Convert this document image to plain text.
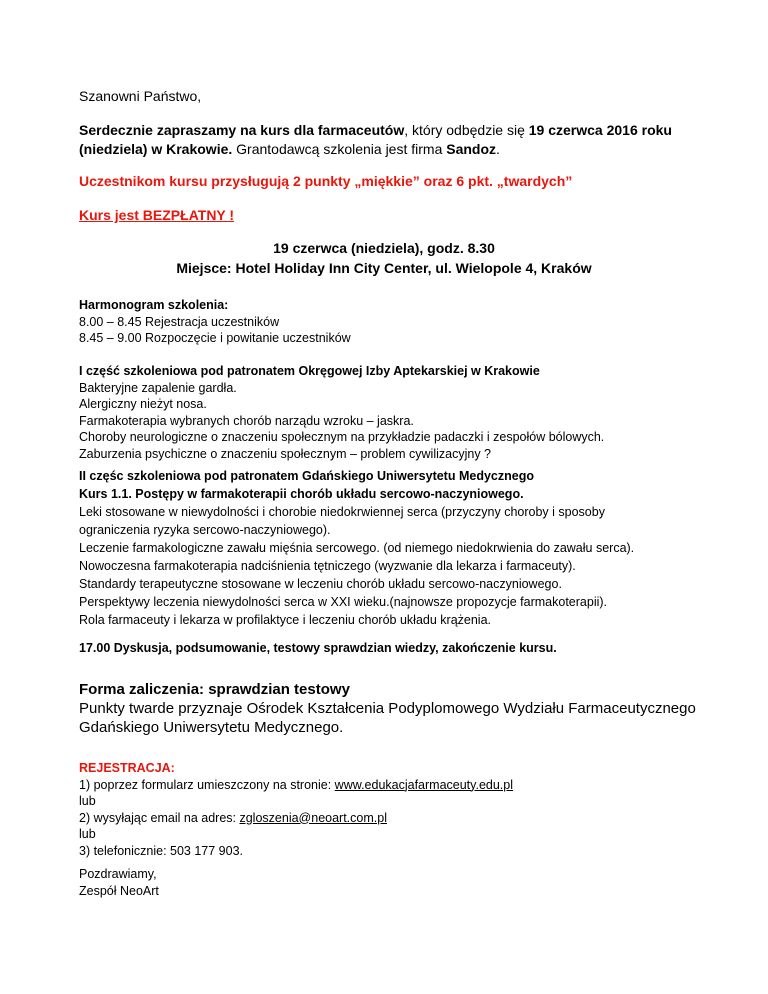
Szanowni Państwo,

Serdecznie zapraszamy na kurs dla farmaceutów, który odbędzie się 19 czerwca 2016 roku (niedziela) w Krakowie. Grantodawcą szkolenia jest firma Sandoz.

Uczestnikom kursu przysługują 2 punkty „miękkie” oraz 6 pkt. „twardych”

Kurs jest BEZPŁATNY !

19 czerwca (niedziela), godz. 8.30
Miejsce: Hotel Holiday Inn City Center, ul. Wielopole 4, Kraków
Harmonogram szkolenia:
8.00 – 8.45 Rejestracja uczestników
8.45 – 9.00 Rozpoczęcie i powitanie uczestników
I część szkoleniowa pod patronatem Okręgowej Izby Aptekarskiej w Krakowie
Bakteryjne zapalenie gardła.
Alergiczny nieżyt nosa.
Farmakoterapia wybranych chorób narządu wzroku – jaskra.
Choroby neurologiczne o znaczeniu społecznym na przykładzie padaczki i zespołów bólowych.
Zaburzenia psychiczne o znaczeniu społecznym – problem cywilizacyjny ?
II częśc szkoleniowa pod patronatem Gdańskiego Uniwersytetu Medycznego
Kurs 1.1. Postępy w farmakoterapii chorób układu sercowo-naczyniowego.
Leki stosowane w niewydolności i chorobie niedokrwiennej serca (przyczyny choroby i sposoby
ograniczenia ryzyka sercowo-naczyniowego).
Leczenie farmakologiczne zawału mięśnia sercowego. (od niemego niedokrwienia do zawału serca).
Nowoczesna farmakoterapia nadciśnienia tętniczego (wyzwanie dla lekarza i farmaceuty).
Standardy terapeutyczne stosowane w leczeniu chorób układu sercowo-naczyniowego.
Perspektywy leczenia niewydolności serca w XXI wieku.(najnowsze propozycje farmakoterapii).
Rola farmaceuty i lekarza w profilaktyce i leczeniu chorób układu krążenia.

17.00 Dyskusja, podsumowanie, testowy sprawdzian wiedzy, zakończenie kursu.

Forma zaliczenia: sprawdzian testowy
Punkty twarde przyznaje Ośrodek Kształcenia Podyplomowego Wydziału Farmaceutycznego
Gdańskiego Uniwersytetu Medycznego.
REJESTRACJA:
1) poprzez formularz umieszczony na stronie: www.edukacjafarmaceuty.edu.pl
lub
2) wysyłając email na adres: zgloszenia@neoart.com.pl
lub
3) telefonicznie: 503 177 903.
Pozdrawiamy,
Zespół NeoArt
